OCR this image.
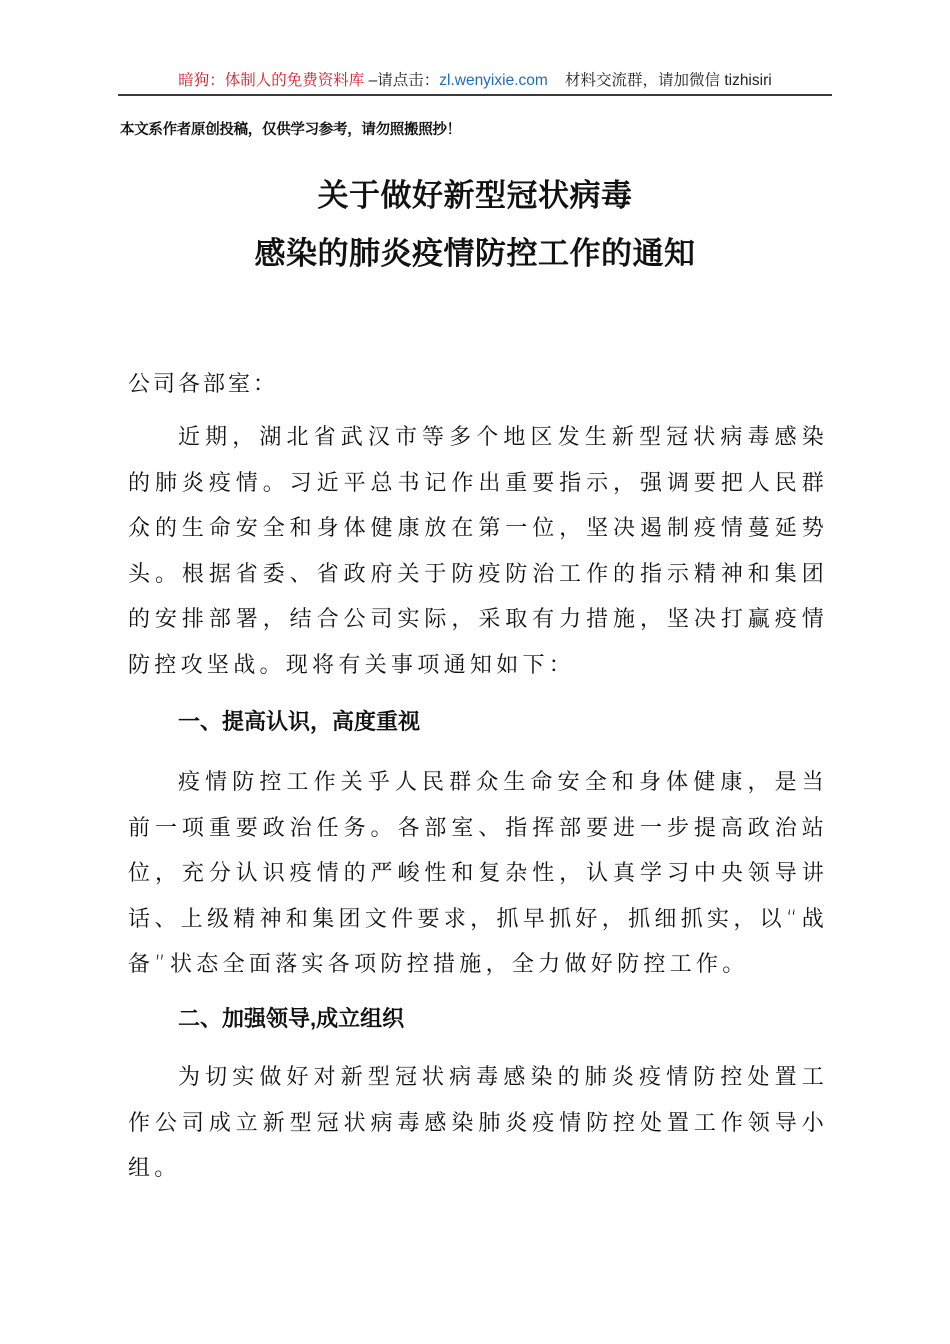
暗狗：体制人的免费资料库 –请点击：zl.wenyixie.com    材料交流群，请加微信 tizhisiri
本文系作者原创投稿，仅供学习参考，请勿照搬照抄！
关于做好新型冠状病毒
感染的肺炎疫情防控工作的通知
公司各部室：
近期，湖北省武汉市等多个地区发生新型冠状病毒感染的肺炎疫情。习近平总书记作出重要指示，强调要把人民群众的生命安全和身体健康放在第一位，坚决遏制疫情蔓延势头。根据省委、省政府关于防疫防治工作的指示精神和集团的安排部署，结合公司实际，采取有力措施，坚决打赢疫情防控攻坚战。现将有关事项通知如下：
一、提高认识，高度重视
疫情防控工作关乎人民群众生命安全和身体健康，是当前一项重要政治任务。各部室、指挥部要进一步提高政治站位，充分认识疫情的严峻性和复杂性，认真学习中央领导讲话、上级精神和集团文件要求，抓早抓好，抓细抓实，以“战备”状态全面落实各项防控措施，全力做好防控工作。
二、加强领导,成立组织
为切实做好对新型冠状病毒感染的肺炎疫情防控处置工作公司成立新型冠状病毒感染肺炎疫情防控处置工作领导小组。
